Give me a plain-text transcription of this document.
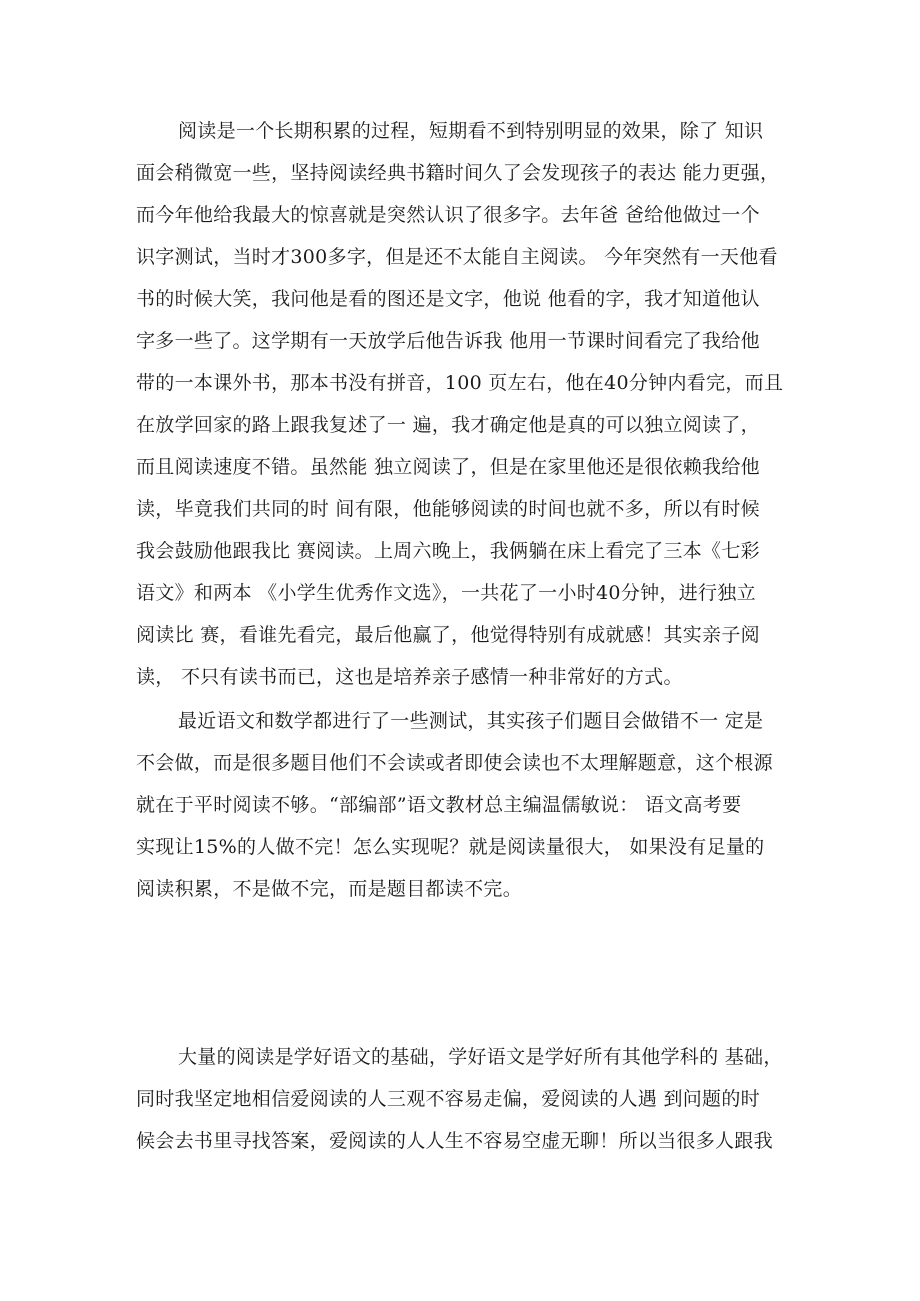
阅读是一个长期积累的过程，短期看不到特别明显的效果，除了 知识
面会稍微宽一些，坚持阅读经典书籍时间久了会发现孩子的表达 能力更强，
而今年他给我最大的惊喜就是突然认识了很多字。去年爸 爸给他做过一个
识字测试，当时才300多字，但是还不太能自主阅读。 今年突然有一天他看
书的时候大笑，我问他是看的图还是文字，他说 他看的字，我才知道他认
字多一些了。这学期有一天放学后他告诉我 他用一节课时间看完了我给他
带的一本课外书，那本书没有拼音，100 页左右，他在40分钟内看完，而且
在放学回家的路上跟我复述了一 遍，我才确定他是真的可以独立阅读了，
而且阅读速度不错。虽然能 独立阅读了，但是在家里他还是很依赖我给他
读，毕竟我们共同的时 间有限，他能够阅读的时间也就不多，所以有时候
我会鼓励他跟我比 赛阅读。上周六晚上，我俩躺在床上看完了三本《七彩
语文》和两本 《小学生优秀作文选》，一共花了一小时40分钟，进行独立
阅读比 赛，看谁先看完，最后他赢了，他觉得特别有成就感！其实亲子阅
读， 不只有读书而已，这也是培养亲子感情一种非常好的方式。
最近语文和数学都进行了一些测试，其实孩子们题目会做错不一 定是
不会做，而是很多题目他们不会读或者即使会读也不太理解题意，这个根源
就在于平时阅读不够。“部编部”语文教材总主编温儒敏说： 语文高考要
实现让15%的人做不完！怎么实现呢？就是阅读量很大， 如果没有足量的
阅读积累，不是做不完，而是题目都读不完。
大量的阅读是学好语文的基础，学好语文是学好所有其他学科的 基础，
同时我坚定地相信爱阅读的人三观不容易走偏，爱阅读的人遇 到问题的时
候会去书里寻找答案，爱阅读的人人生不容易空虚无聊！所以当很多人跟我
